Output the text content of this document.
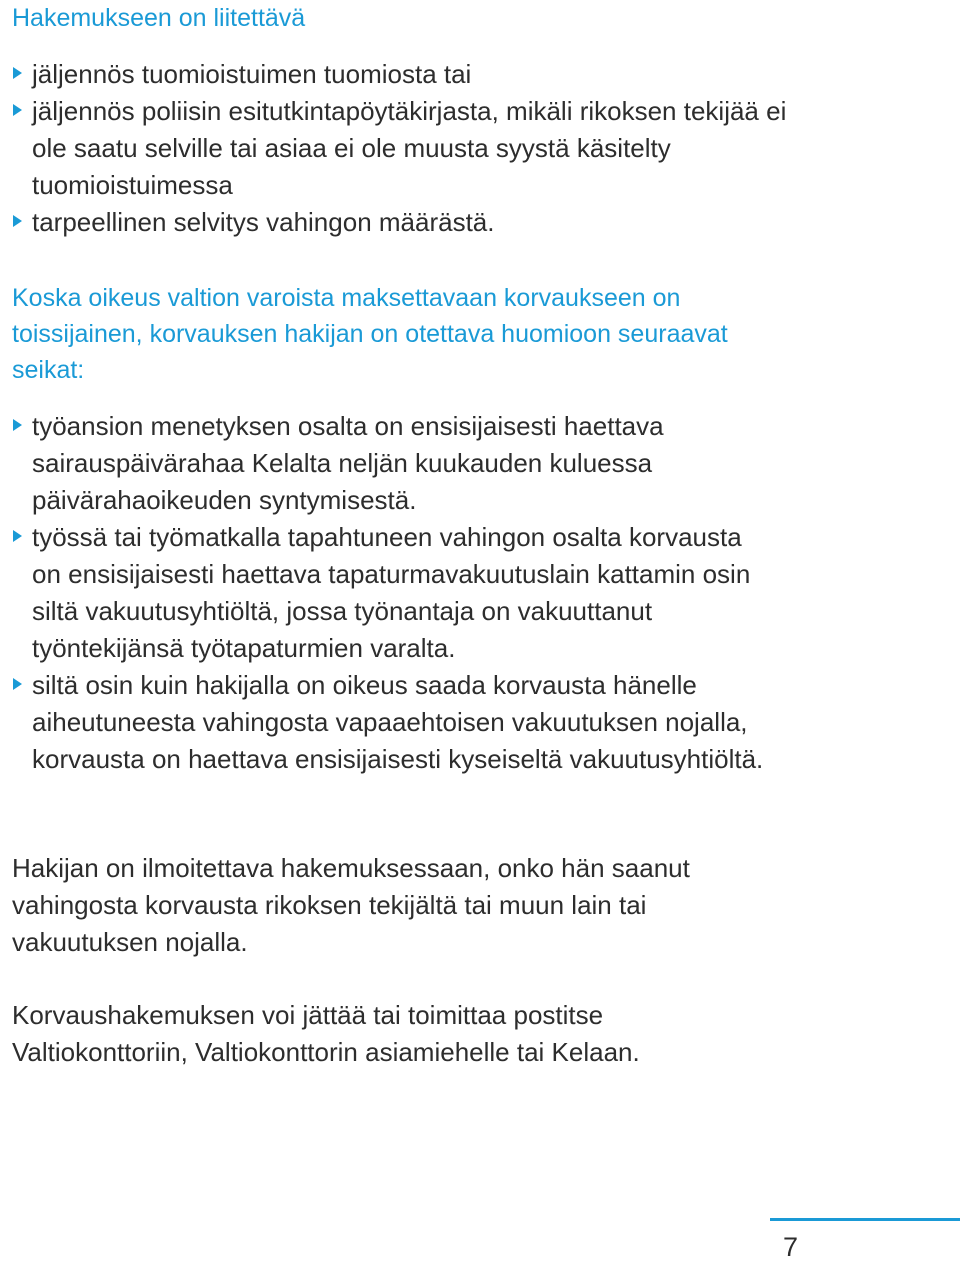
Hakemukseen on liitettävä
jäljennös tuomioistuimen tuomiosta tai
jäljennös poliisin esitutkintapöytäkirjasta, mikäli rikoksen tekijää ei ole saatu selville tai asiaa ei ole muusta syystä käsitelty tuomioistuimessa
tarpeellinen selvitys vahingon määrästä.

Koska oikeus valtion varoista maksettavaan korvaukseen on toissijainen, korvauksen hakijan on otettava huomioon seuraavat seikat:

työansion menetyksen osalta on ensisijaisesti haettava sairauspäivärahaa Kelalta neljän kuukauden kuluessa päivärahaoikeuden syntymisestä.
työssä tai työmatkalla tapahtuneen vahingon osalta korvausta on ensisijaisesti haettava tapaturmavakuutuslain kattamin osin siltä vakuutusyhtiöltä, jossa työnantaja on vakuuttanut työntekijänsä työtapaturmien varalta.
siltä osin kuin hakijalla on oikeus saada korvausta hänelle aiheutuneesta vahingosta vapaaehtoisen vakuutuksen nojalla, korvausta on haettava ensisijaisesti kyseiseltä vakuutusyhtiöltä.

Hakijan on ilmoitettava hakemuksessaan, onko hän saanut vahingosta korvausta rikoksen tekijältä tai muun lain tai vakuutuksen nojalla.

Korvaushakemuksen voi jättää tai toimittaa postitse Valtiokonttoriin, Valtiokonttorin asiamiehelle tai Kelaan.

7
